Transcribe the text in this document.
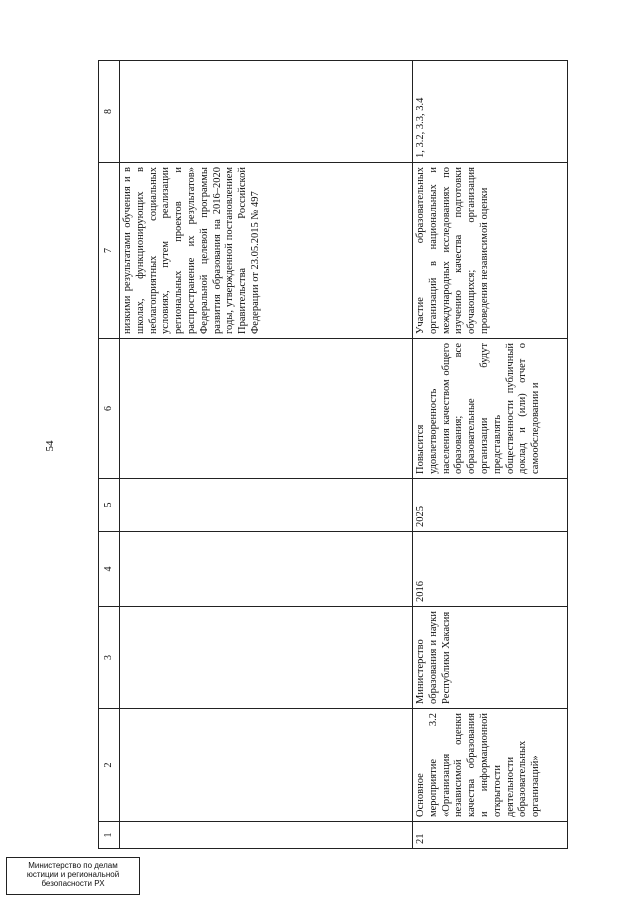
54
1	2	3	4	5	6	7	8
						низкими результатами обучения и в школах, функционирующих в неблагоприятных социальных условиях, путем реализации региональных проектов и распространение их результатов» Федеральной целевой программы развития образования на 2016–2020 годы, утвержденной постановлением Правительства Российской Федерации от 23.05.2015 № 497	
21	Основное мероприятие 3.2 «Организация независимой оценки качества образования и информационной открытости деятельности образовательных организаций»	Министерство образования и науки Республики Хакасия	2016	2025	Повысится удовлетворенность населения качеством общего образования; все образовательные организации будут представлять общественности публичный доклад и (или) отчет о самообследовании и	Участие образовательных организаций в национальных и международных исследованиях по изучению качества подготовки обучающихся; организация проведения независимой оценки	1, 3.2, 3.3, 3.4
Министерство по делам
юстиции и региональной
безопасности РХ
